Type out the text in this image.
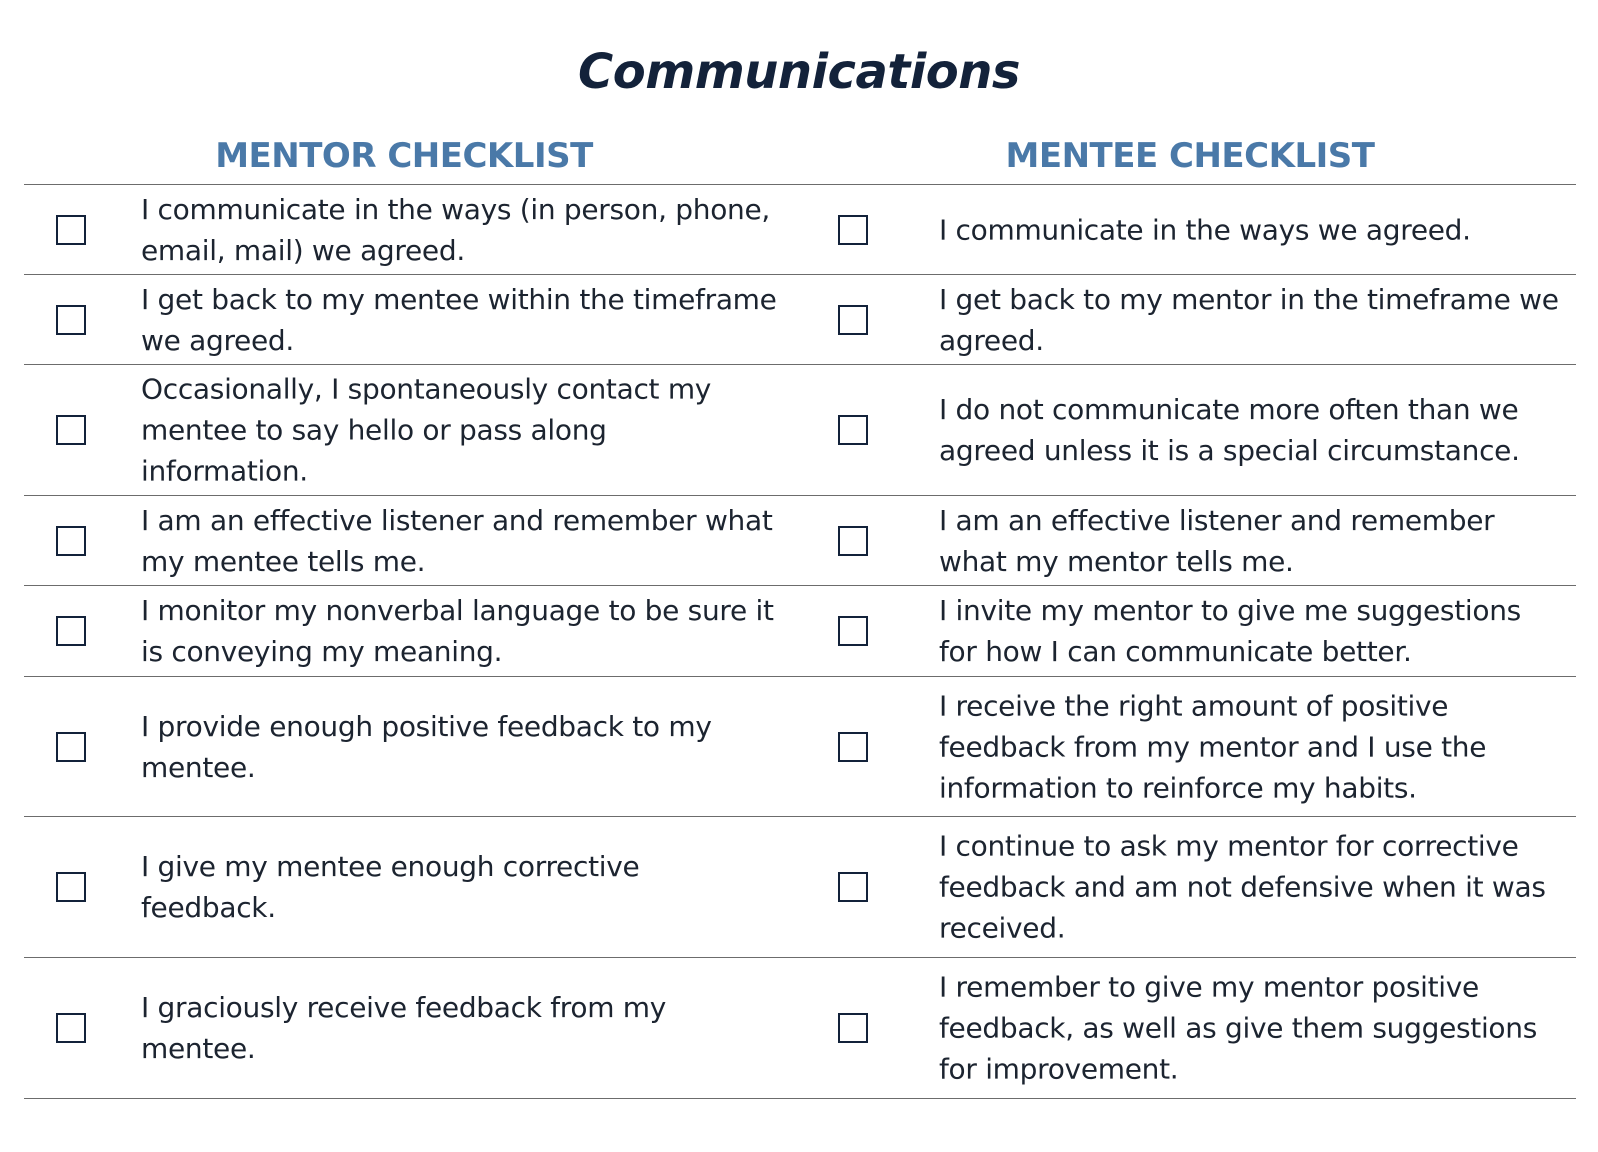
Communications
MENTOR CHECKLIST	MENTEE CHECKLIST
I communicate in the ways (in person, phone, email, mail) we agreed.
I communicate in the ways we agreed.
I get back to my mentee within the timeframe we agreed.
I get back to my mentor in the timeframe we agreed.
Occasionally, I spontaneously contact my mentee to say hello or pass along information.
I do not communicate more often than we agreed unless it is a special circumstance.
I am an effective listener and remember what my mentee tells me.
I am an effective listener and remember what my mentor tells me.
I monitor my nonverbal language to be sure it is conveying my meaning.
I invite my mentor to give me suggestions for how I can communicate better.
I provide enough positive feedback to my mentee.
I receive the right amount of positive feedback from my mentor and I use the information to reinforce my habits.
I give my mentee enough corrective feedback.
I continue to ask my mentor for corrective feedback and am not defensive when it was received.
I graciously receive feedback from my mentee.
I remember to give my mentor positive feedback, as well as give them suggestions for improvement.
